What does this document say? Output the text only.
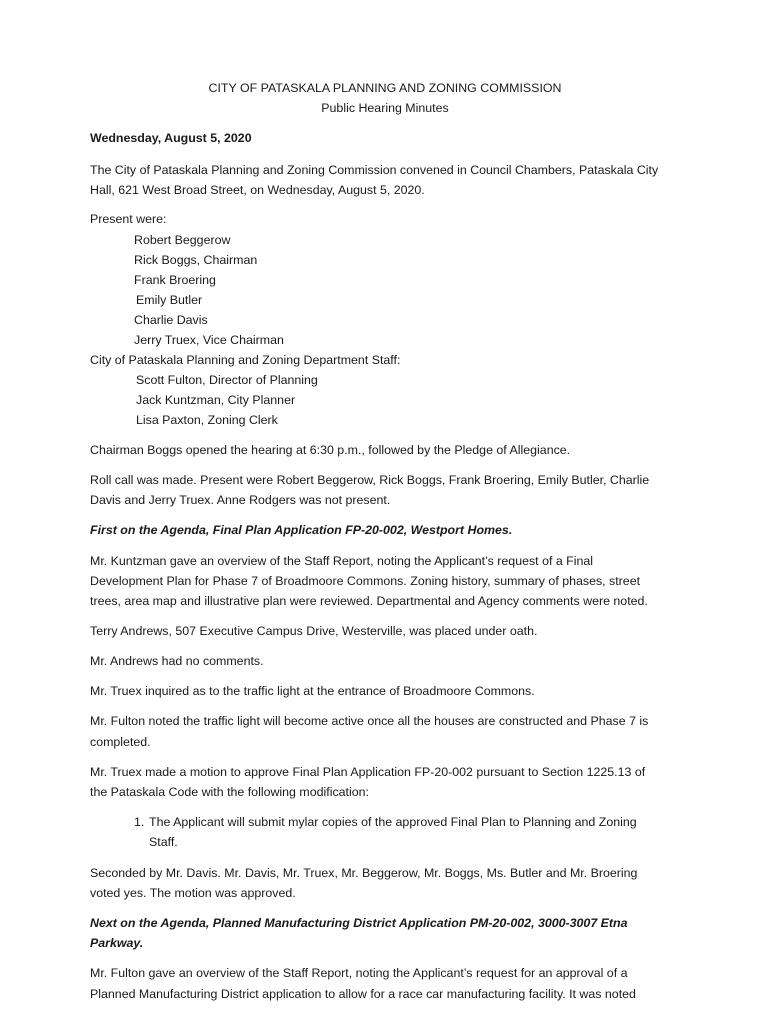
CITY OF PATASKALA PLANNING AND ZONING COMMISSION
Public Hearing Minutes
Wednesday, August 5, 2020
The City of Pataskala Planning and Zoning Commission convened in Council Chambers, Pataskala City
Hall, 621 West Broad Street, on Wednesday, August 5, 2020.
Present were:
Robert Beggerow
Rick Boggs, Chairman
Frank Broering
Emily Butler
Charlie Davis
Jerry Truex, Vice Chairman
City of Pataskala Planning and Zoning Department Staff:
Scott Fulton, Director of Planning
Jack Kuntzman, City Planner
Lisa Paxton, Zoning Clerk
Chairman Boggs opened the hearing at 6:30 p.m., followed by the Pledge of Allegiance.
Roll call was made. Present were Robert Beggerow, Rick Boggs, Frank Broering, Emily Butler, Charlie
Davis and Jerry Truex. Anne Rodgers was not present.
First on the Agenda, Final Plan Application FP-20-002, Westport Homes.
Mr. Kuntzman gave an overview of the Staff Report, noting the Applicant’s request of a Final
Development Plan for Phase 7 of Broadmoore Commons. Zoning history, summary of phases, street
trees, area map and illustrative plan were reviewed. Departmental and Agency comments were noted.
Terry Andrews, 507 Executive Campus Drive, Westerville, was placed under oath.
Mr. Andrews had no comments.
Mr. Truex inquired as to the traffic light at the entrance of Broadmoore Commons.
Mr. Fulton noted the traffic light will become active once all the houses are constructed and Phase 7 is
completed.
Mr. Truex made a motion to approve Final Plan Application FP-20-002 pursuant to Section 1225.13 of
the Pataskala Code with the following modification:
1. The Applicant will submit mylar copies of the approved Final Plan to Planning and Zoning
Staff.
Seconded by Mr. Davis. Mr. Davis, Mr. Truex, Mr. Beggerow, Mr. Boggs, Ms. Butler and Mr. Broering
voted yes. The motion was approved.
Next on the Agenda, Planned Manufacturing District Application PM-20-002, 3000-3007 Etna
Parkway.
Mr. Fulton gave an overview of the Staff Report, noting the Applicant’s request for an approval of a
Planned Manufacturing District application to allow for a race car manufacturing facility. It was noted
